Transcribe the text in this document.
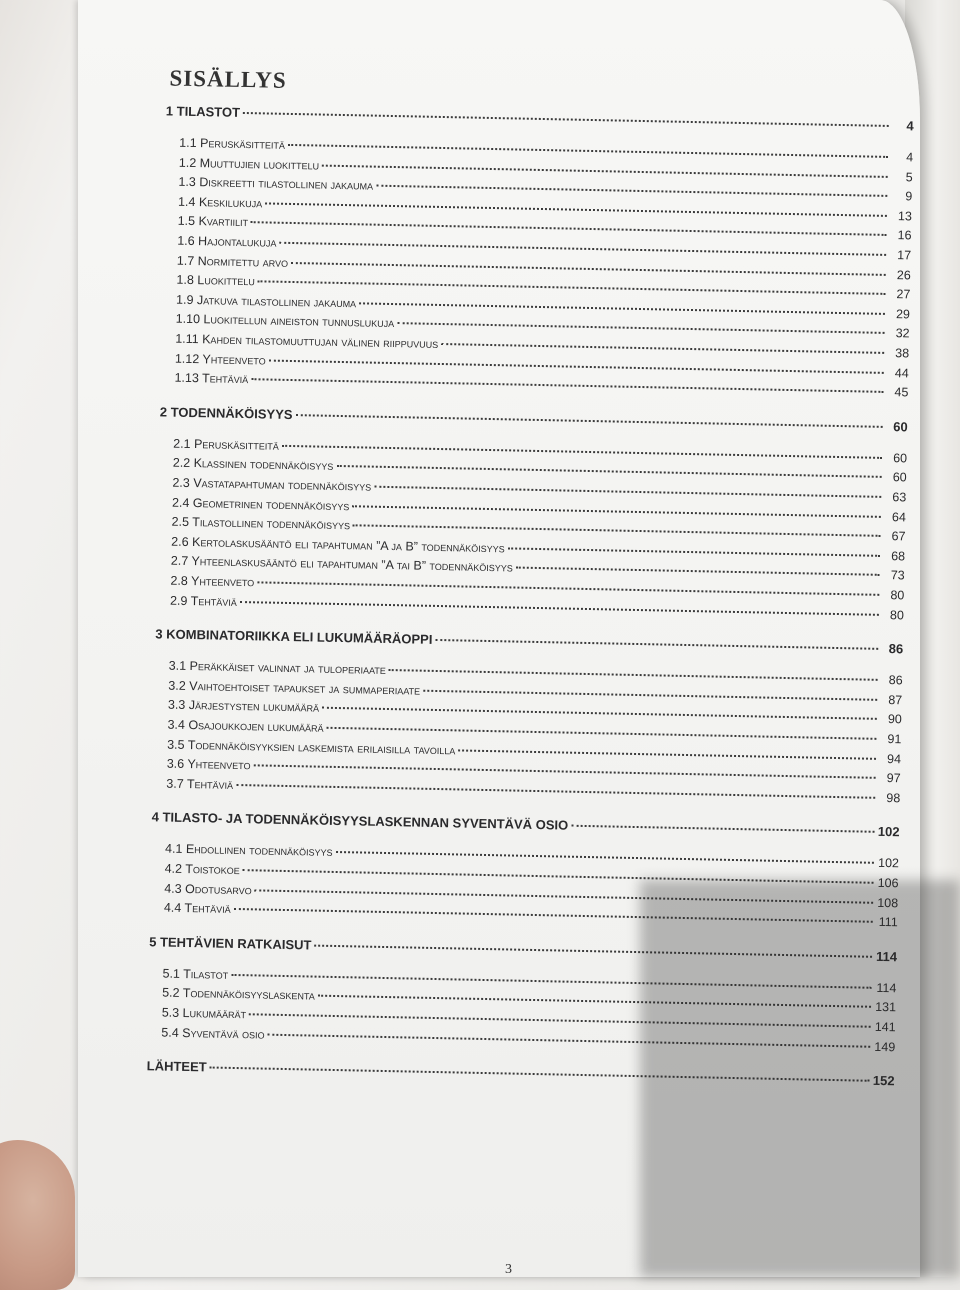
SISÄLLYS
1 TILASTOT
4
1.1 Peruskäsitteitä
4
1.2 Muuttujien luokittelu
5
1.3 Diskreetti tilastollinen jakauma
9
1.4 Keskilukuja
13
1.5 Kvartiilit
16
1.6 Hajontalukuja
17
1.7 Normitettu arvo
26
1.8 Luokittelu
27
1.9 Jatkuva tilastollinen jakauma
29
1.10 Luokitellun aineiston tunnuslukuja
32
1.11 Kahden tilastomuuttujan välinen riippuvuus
38
1.12 Yhteenveto
44
1.13 Tehtäviä
45
2 TODENNÄKÖISYYS
60
2.1 Peruskäsitteitä
60
2.2 Klassinen todennäköisyys
60
2.3 Vastatapahtuman todennäköisyys
63
2.4 Geometrinen todennäköisyys
64
2.5 Tilastollinen todennäköisyys
67
2.6 Kertolaskusääntö eli tapahtuman ”A ja B” todennäköisyys
68
2.7 Yhteenlaskusääntö eli tapahtuman ”A tai B” todennäköisyys
73
2.8 Yhteenveto
80
2.9 Tehtäviä
80
3 KOMBINATORIIKKA ELI LUKUMÄÄRÄOPPI
86
3.1 Peräkkäiset valinnat ja tuloperiaate
86
3.2 Vaihtoehtoiset tapaukset ja summaperiaate
87
3.3 Järjestysten lukumäärä
90
3.4 Osajoukkojen lukumäärä
91
3.5 Todennäköisyyksien laskemista erilaisilla tavoilla
94
3.6 Yhteenveto
97
3.7 Tehtäviä
98
4 TILASTO- JA TODENNÄKÖISYYSLASKENNAN SYVENTÄVÄ OSIO	102
4.1 Ehdollinen todennäköisyys
102
4.2 Toistokoe
106
4.3 Odotusarvo
108
4.4 Tehtäviä
111
5 TEHTÄVIEN RATKAISUT
114
5.1 Tilastot
114
5.2 Todennäköisyyslaskenta
131
5.3 Lukumäärät
141
5.4 Syventävä osio
149
LÄHTEET
152
3
